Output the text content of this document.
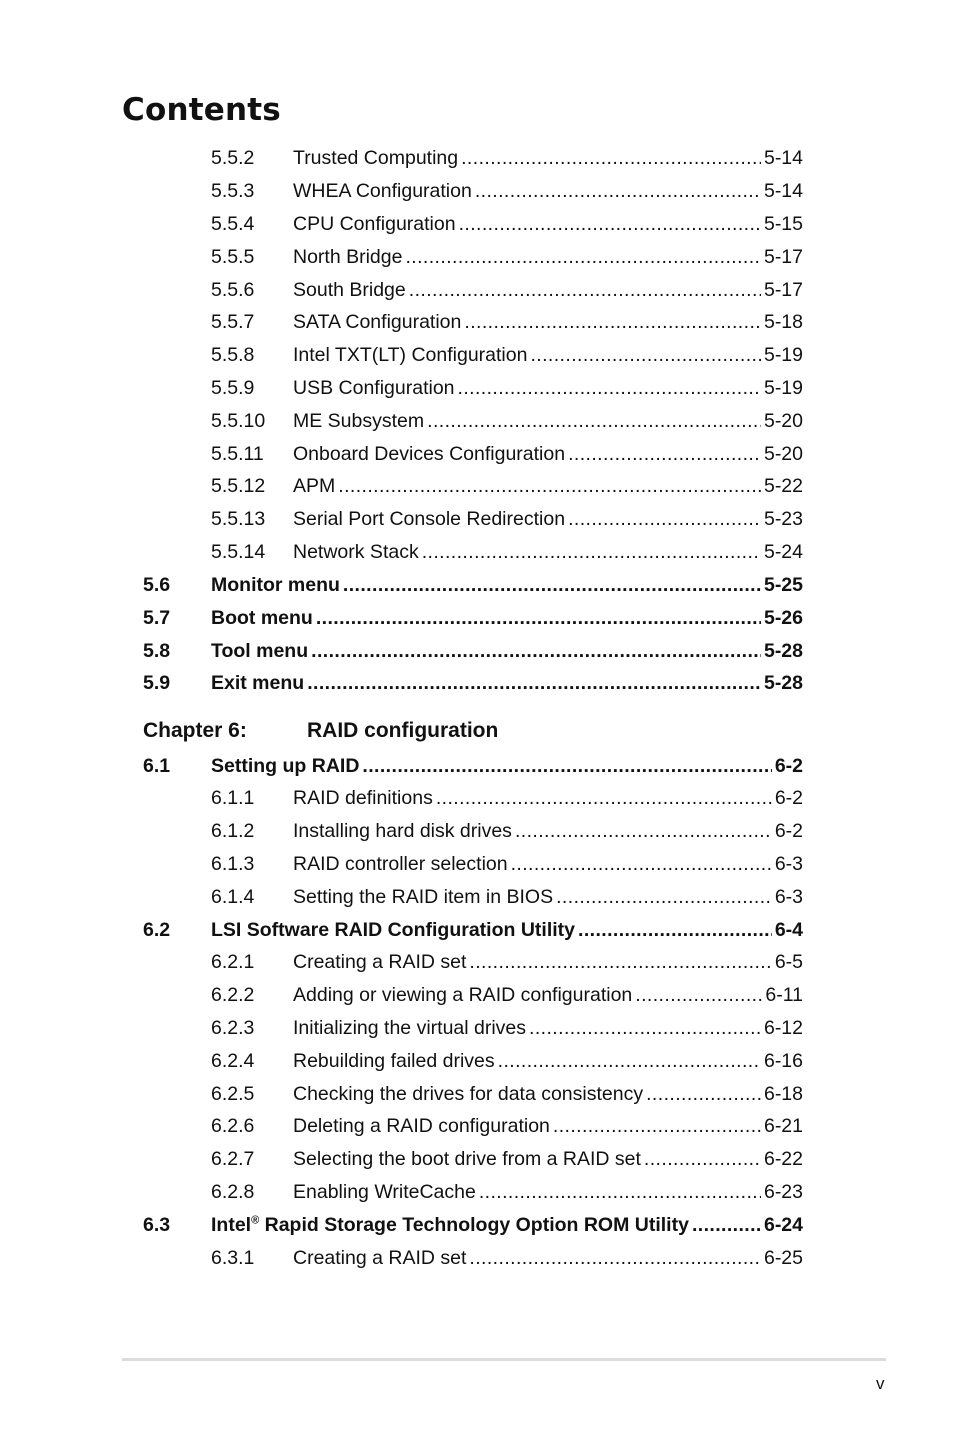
Contents
5.5.2	Trusted Computing .....	5-14
5.5.3	WHEA Configuration .....	5-14
5.5.4	CPU Configuration .....	5-15
5.5.5	North Bridge .....	5-17
5.5.6	South Bridge .....	5-17
5.5.7	SATA Configuration .....	5-18
5.5.8	Intel TXT(LT) Configuration .....	5-19
5.5.9	USB Configuration .....	5-19
5.5.10	ME Subsystem .....	5-20
5.5.11	Onboard Devices Configuration .....	5-20
5.5.12	APM .....	5-22
5.5.13	Serial Port Console Redirection .....	5-23
5.5.14	Network Stack .....	5-24
5.6	Monitor menu .....	5-25
5.7	Boot menu .....	5-26
5.8	Tool menu .....	5-28
5.9	Exit menu .....	5-28
Chapter 6:	RAID configuration
6.1	Setting up RAID .....	6-2
6.1.1	RAID definitions .....	6-2
6.1.2	Installing hard disk drives .....	6-2
6.1.3	RAID controller selection .....	6-3
6.1.4	Setting the RAID item in BIOS .....	6-3
6.2	LSI Software RAID Configuration Utility .....	6-4
6.2.1	Creating a RAID set .....	6-5
6.2.2	Adding or viewing a RAID configuration .....	6-11
6.2.3	Initializing the virtual drives .....	6-12
6.2.4	Rebuilding failed drives .....	6-16
6.2.5	Checking the drives for data consistency .....	6-18
6.2.6	Deleting a RAID configuration .....	6-21
6.2.7	Selecting the boot drive from a RAID set .....	6-22
6.2.8	Enabling WriteCache .....	6-23
6.3	Intel® Rapid Storage Technology Option ROM Utility .....	6-24
6.3.1	Creating a RAID set .....	6-25
v
